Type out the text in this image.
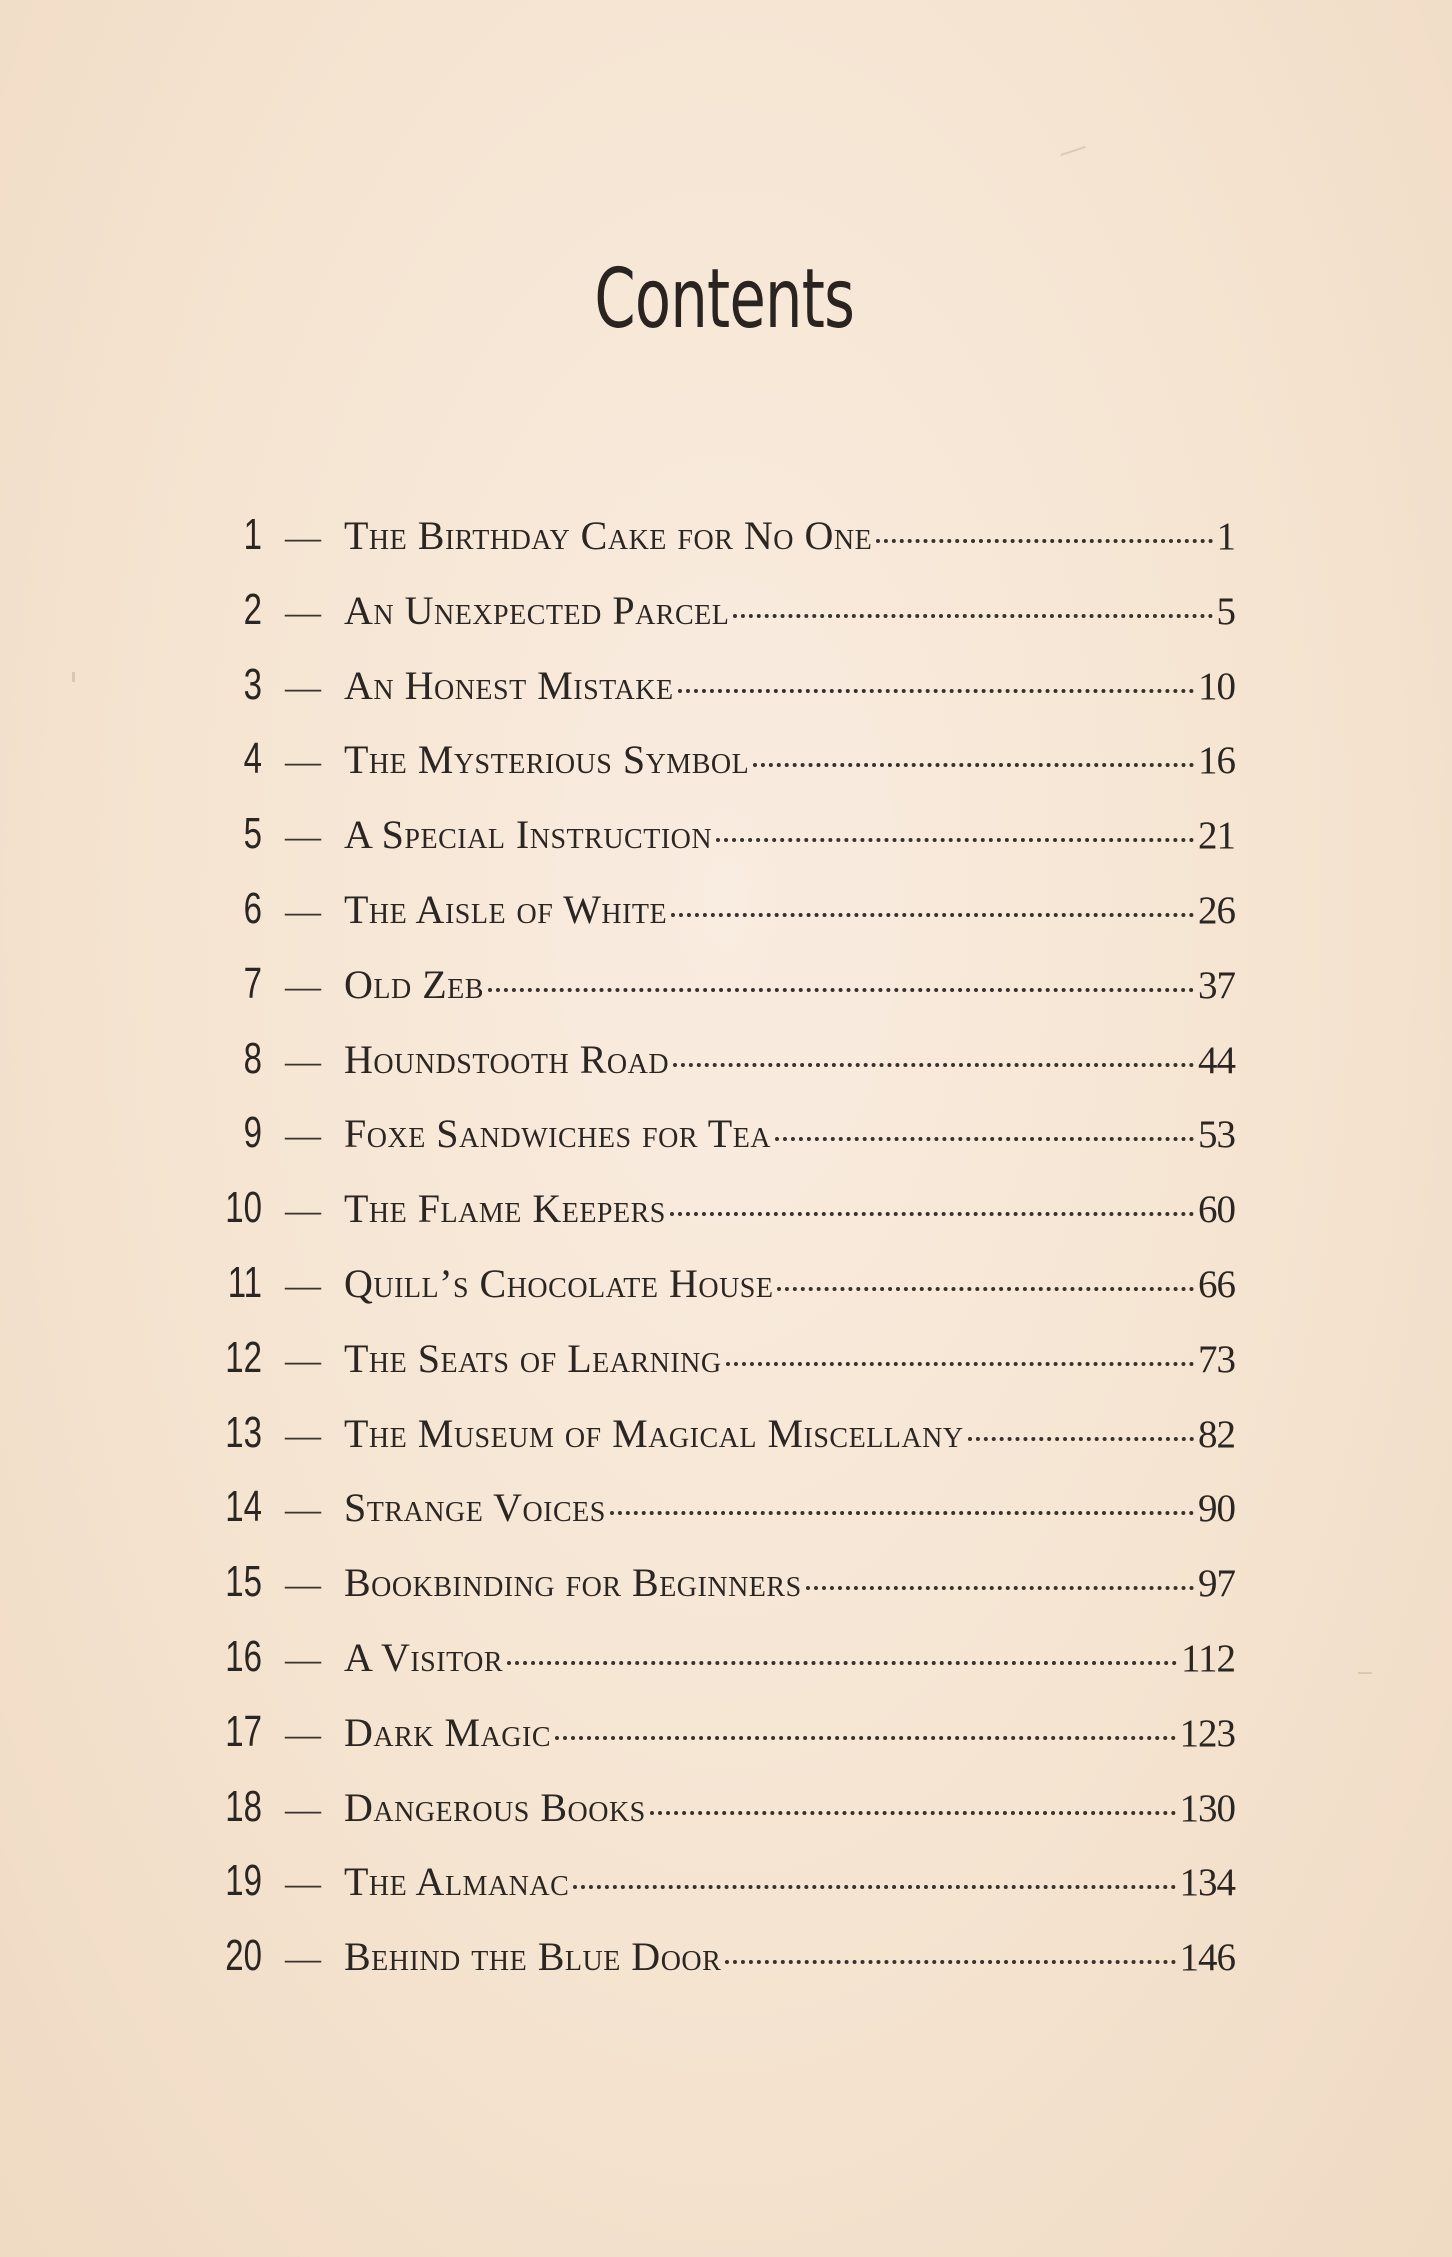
Contents
1 — The Birthday Cake for No One	1
2 — An Unexpected Parcel	5
3 — An Honest Mistake	10
4 — The Mysterious Symbol	16
5 — A Special Instruction	21
6 — The Aisle of White	26
7 — Old Zeb	37
8 — Houndstooth Road	44
9 — Foxe Sandwiches for Tea	53
10 — The Flame Keepers	60
11 — Quill’s Chocolate House	66
12 — The Seats of Learning	73
13 — The Museum of Magical Miscellany	82
14 — Strange Voices	90
15 — Bookbinding for Beginners	97
16 — A Visitor	112
17 — Dark Magic	123
18 — Dangerous Books	130
19 — The Almanac	134
20 — Behind the Blue Door	146
